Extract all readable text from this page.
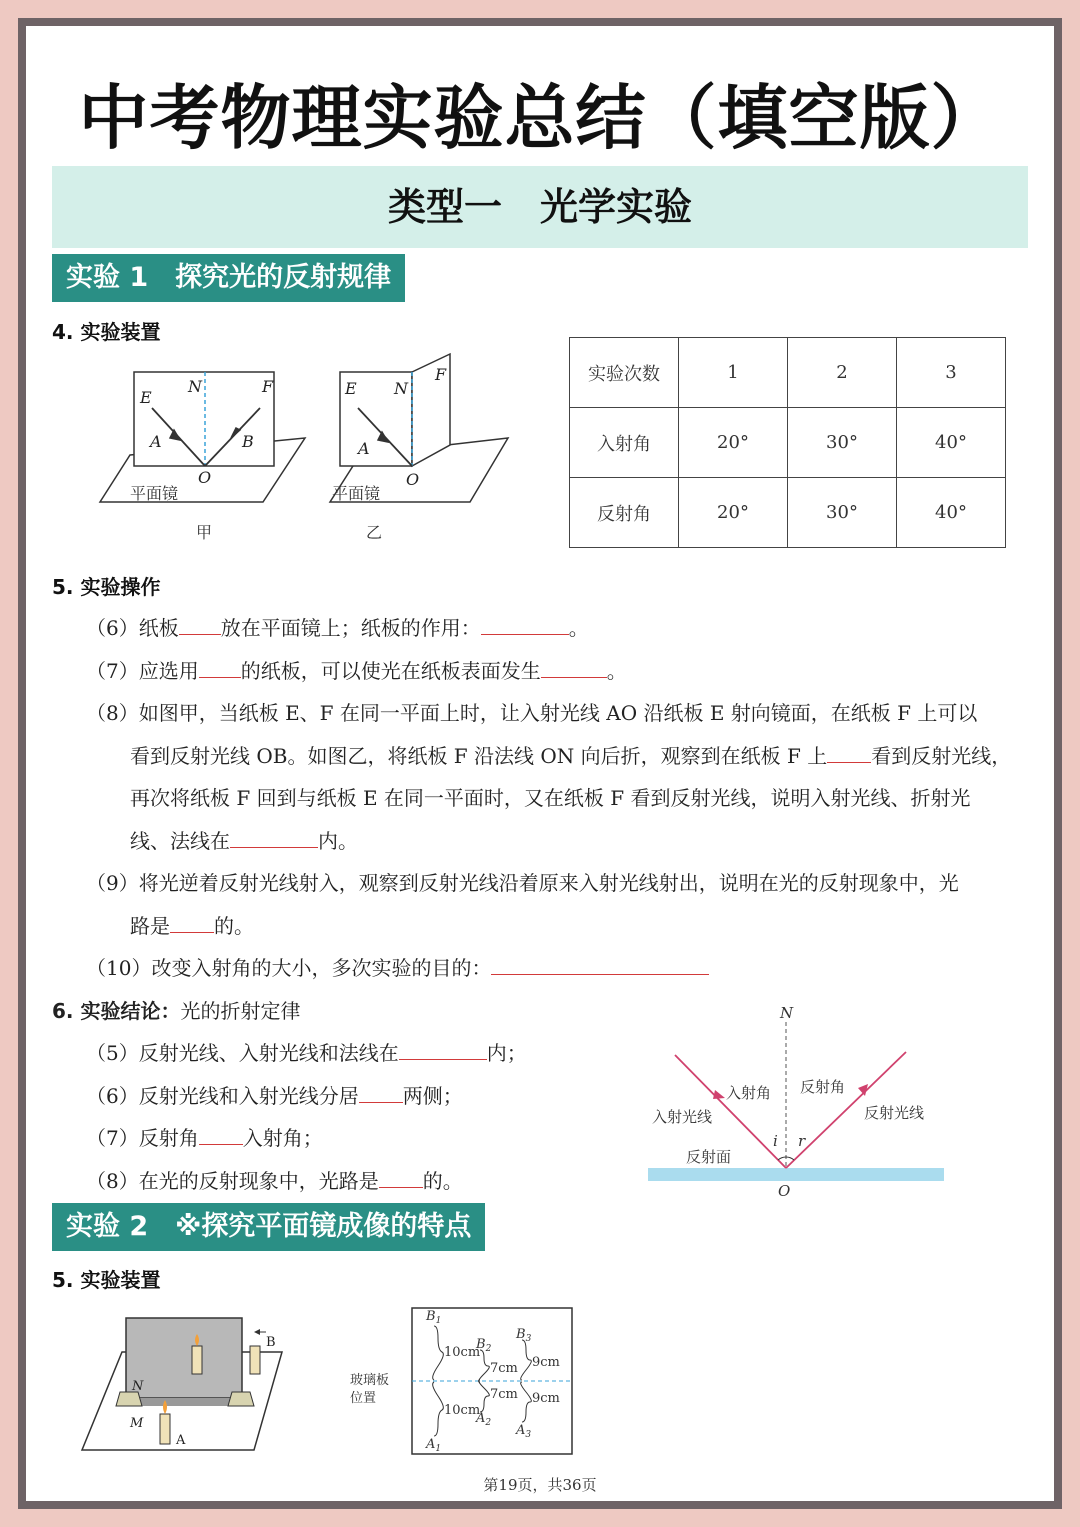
中考物理实验总结（填空版）
类型一　光学实验
实验 1　探究光的反射规律
4. 实验装置
E
N	F
A	B
O
E N
F
A
O
平面镜	平面镜
甲	乙
实验次数	1	2	3
入射角	20°	30°	40°
反射角	20°	30°	40°
5. 实验操作
（6）纸板 放在平面镜上；纸板的作用：	。
（7）应选用 的纸板，可以使光在纸板表面发生	。
（8）如图甲，当纸板 E、F 在同一平面上时，让入射光线 AO 沿纸板 E 射向镜面，在纸板 F 上可以
看到反射光线 OB。如图乙，将纸板 F 沿法线 ON 向后折，观察到在纸板 F 上 看到反射光线，
再次将纸板 F 回到与纸板 E 在同一平面时，又在纸板 F 看到反射光线，说明入射光线、折射光
线、法线在	内。
（9）将光逆着反射光线射入，观察到反射光线沿着原来入射光线射出，说明在光的反射现象中，光
路是 的。
（10）改变入射角的大小，多次实验的目的：
6. 实验结论：光的折射定律
（5）反射光线、入射光线和法线在	内；
（6）反射光线和入射光线分居 两侧；
（7）反射角 入射角；
（8）在光的反射现象中，光路是 的。
N
入射角 反射角
入射光线	反射光线
反射面
i r
O
实验 2　※探究平面镜成像的特点
5. 实验装置
B
N
M
A
玻璃板
位置
10cm
10cm
7cm
7cm
9cm
9cm
$B_1$
$B_2$
$B_3$
$A_1$
$A_2$ $A_3$
第19页，共36页
